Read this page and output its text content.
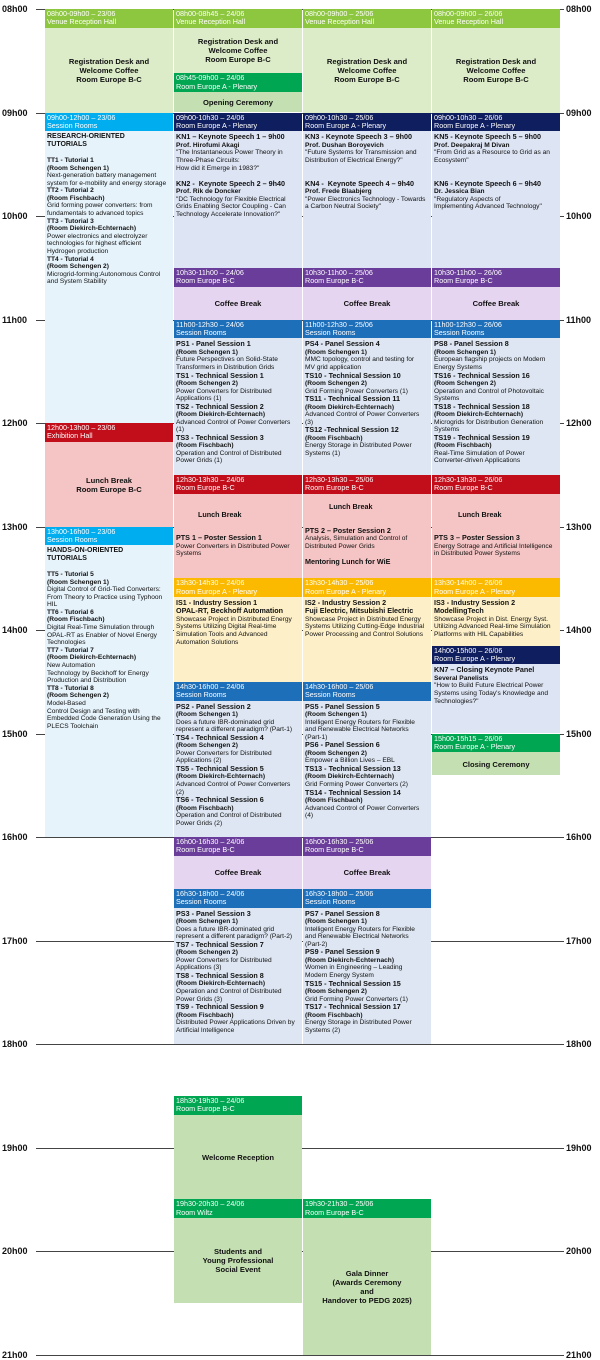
08h00	08h00
09h00	09h00
10h00	10h00
11h00	11h00
12h00	12h00
13h00	13h00
14h00	14h00
15h00	15h00
16h00	16h00
17h00	17h00
18h00	18h00
19h00	19h00
20h00	20h00
21h00	21h00
08h00-09h00 – 23/06
Venue Reception Hall
Registration Desk and
Welcome Coffee
Room Europe B-C
09h00-12h00 – 23/06
Session Rooms
RESEARCH-ORIENTED
TUTORIALS

TT1 - Tutorial 1
(Room Schengen 1)
Next-generation battery management
system for e-mobility and energy storage
TT2 - Tutorial 2
(Room Fischbach)
Grid forming power converters: from
fundamentals to advanced topics
TT3 - Tutorial 3
(Room Diekirch-Echternach)
Power electronics and electrolyzer
technologies for highest efficient
Hydrogen production
TT4 - Tutorial 4
(Room Schengen 2)
Microgrid-forming:Autonomous Control
and System Stability
12h00-13h00 – 23/06
Exhibition Hall
Lunch Break
Room Europe B-C
13h00-16h00 – 23/06
Session Rooms
HANDS-ON-ORIENTED
TUTORIALS

TT5 - Tutorial 5
(Room Schengen 1)
Digital Control of Grid-Tied Converters:
From Theory to Practice using Typhoon
HIL
TT6 - Tutorial 6
(Room Fischbach)
Digital Real-Time Simulation through
OPAL-RT as Enabler of Novel Energy
Technologies
TT7 - Tutorial 7
(Room Diekirch-Echternach)
New Automation
Technology by Beckhoff for Energy
Production and Distribution
TT8 - Tutorial 8
(Room Schengen 2)
Model-Based
Control Design and Testing with
Embedded Code Generation Using the
PLECS Toolchain
08h00-08h45 – 24/06
Venue Reception Hall
Registration Desk and
Welcome Coffee
Room Europe B-C
08h45-09h00 – 24/06
Room Europe A - Plenary
Opening Ceremony
09h00-10h30 – 24/06
Room Europe A - Plenary
KN1 – Keynote Speech 1 – 9h00
Prof. Hirofumi Akagi
"The Instantaneous Power Theory in
Three-Phase Circuits:
How did it Emerge in 1983?"

KN2 -  Keynote Speech 2 – 9h40
Prof. Rik de Doncker
"DC Technology for Flexible Electrical
Grids Enabling Sector Coupling - Can
Technology Accelerate Innovation?"
10h30-11h00 – 24/06
Room Europe B-C
Coffee Break
11h00-12h30 – 24/06
Session Rooms
PS1 - Panel Session 1
(Room Schengen 1)
Future Perspectives on Solid-State
Transformers in Distribution Grids
TS1 - Technical Session 1
(Room Schengen 2)
Power Converters for Distributed
Applications (1)
TS2 - Technical Session 2
(Room Diekirch-Echternach)
Advanced Control of Power Converters
(1)
TS3 - Technical Session 3
(Room Fischbach)
Operation and Control of Distributed
Power Grids (1)
12h30-13h30 – 24/06
Room Europe B-C

Lunch Break

PTS 1 – Poster Session 1
Power Converters in Distributed Power
Systems
13h30-14h30 – 24/06
Room Europe A - Plenary
IS1 - Industry Session 1
OPAL-RT, Beckhoff Automation
Showcase Project in Distributed Energy
Systems Utilizing Digital Real-time
Simulation Tools and Advanced
Automation Solutions
14h30-16h00 – 24/06
Session Rooms
PS2 - Panel Session 2
(Room Schengen 1)
Does a future IBR-dominated grid
represent a different paradigm? (Part-1)
TS4 - Technical Session 4
(Room Schengen 2)
Power Converters for Distributed
Applications (2)
TS5 - Technical Session 5
(Room Diekirch-Echternach)
Advanced Control of Power Converters
(2)
TS6 - Technical Session 6
(Room Fischbach)
Operation and Control of Distributed
Power Grids (2)
16h00-16h30 – 24/06
Room Europe B-C
Coffee Break
16h30-18h00 – 24/06
Session Rooms
PS3 - Panel Session 3
(Room Schengen 1)
Does a future IBR-dominated grid
represent a different paradigm? (Part-2)
TS7 - Technical Session 7
(Room Schengen 2)
Power Converters for Distributed
Applications (3)
TS8 - Technical Session 8
(Room Diekirch-Echternach)
Operation and Control of Distributed
Power Grids (3)
TS9 - Technical Session 9
(Room Fischbach)
Distributed Power Applications Driven by
Artificial Intelligence
18h30-19h30 – 24/06
Room Europe B-C
Welcome Reception
19h30-20h30 – 24/06
Room Wiltz
Students and
Young Professional
Social Event
08h00-09h00 – 25/06
Venue Reception Hall
Registration Desk and
Welcome Coffee
Room Europe B-C
09h00-10h30 – 25/06
Room Europe A - Plenary
KN3 - Keynote Speech 3 – 9h00
Prof. Dushan Boroyevich
"Future Systems for Transmission and
Distribution of Electrical Energy?"

KN4 -  Keynote Speech 4 – 9h40
Prof. Frede Blaabjerg
"Power Electronics Technology - Towards
a Carbon Neutral Society"
10h30-11h00 – 25/06
Room Europe B-C
Coffee Break
11h00-12h30 – 25/06
Session Rooms
PS4 - Panel Session 4
(Room Schengen 1)
MMC topology, control and testing for
MV grid application
TS10 - Technical Session 10
(Room Schengen 2)
Grid Forming Power Converters (1)
TS11 - Technical Session 11
(Room Diekirch-Echternach)
Advanced Control of Power Converters
(3)
TS12 -Technical Session 12
(Room Fischbach)
Energy Storage in Distributed Power
Systems (1)
12h30-13h30 – 25/06
Room Europe B-C

Lunch Break

PTS 2 – Poster Session 2
Analysis, Simulation and Control of
Distributed Power Grids

Mentoring Lunch for WiE
13h30-14h30 – 25/06
Room Europe A - Plenary
IS2 - Industry Session 2
Fuji Electric, Mitsubishi Electric
Showcase Project in Distributed Energy
Systems Utilizing Cutting-Edge Industrial
Power Processing and Control Solutions
14h30-16h00 – 25/06
Session Rooms
PS5 - Panel Session 5
(Room Schengen 1)
Intelligent Energy Routers for Flexible
and Renewable Electrical Networks
(Part-1)
PS6 - Panel Session 6
(Room Schengen 2)
Empower a Billion Lives – EBL
TS13 - Technical Session 13
(Room Diekirch-Echternach)
Grid Forming Power Converters (2)
TS14 - Technical Session 14
(Room Fischbach)
Advanced Control of Power Converters
(4)
16h00-16h30 – 25/06
Room Europe B-C
Coffee Break
16h30-18h00 – 25/06
Session Rooms
PS7 - Panel Session 8
(Room Schengen 1)
Intelligent Energy Routers for Flexible
and Renewable Electrical Networks
(Part-2)
PS9 - Panel Session 9
(Room Diekirch-Echternach)
Women in Engineering – Leading
Modern Energy System
TS15 - Technical Session 15
(Room Schengen 2)
Grid Forming Power Converters (1)
TS17 - Technical Session 17
(Room Fischbach)
Energy Storage in Distributed Power
Systems (2)
19h30-21h30 – 25/06
Room Europe B-C
Gala Dinner
(Awards Ceremony
and
Handover to PEDG 2025)
08h00-09h00 – 26/06
Venue Reception Hall
Registration Desk and
Welcome Coffee
Room Europe B-C
09h00-10h30 – 26/06
Room Europe A - Plenary
KN5 - Keynote Speech 5 – 9h00
Prof. Deepakraj M Divan
"From Grid as a Resource to Grid as an
Ecosystem"

KN6 - Keynote Speech 6 – 9h40
Dr. Jessica Bian
"Regulatory Aspects of
Implementing Advanced Technology"
10h30-11h00 – 26/06
Room Europe B-C
Coffee Break
11h00-12h30 – 26/06
Session Rooms
PS8 - Panel Session 8
(Room Schengen 1)
European flagship projects on Modern
Energy Systems
TS16 - Technical Session 16
(Room Schengen 2)
Operation and Control of Photovoltaic
Systems
TS18 - Technical Session 18
(Room Diekirch-Echternach)
Microgrids for Distribution Generation
Systems
TS19 - Technical Session 19
(Room Fischbach)
Real-Time Simulation of Power
Converter-driven Applications
12h30-13h30 – 26/06
Room Europe B-C

Lunch Break

PTS 3 – Poster Session 3
Energy Sotrage and Artificial Intelligence
in Distributed Power Systems
13h30-14h00 – 26/06
Room Europe A - Plenary
IS3 - Industry Session 2
ModellingTech
Showcase Project in Dist. Energy Syst.
Utilizing Advanced Real-time Simulation
Platforms with HIL Capabilities
14h00-15h00 – 26/06
Room Europe A - Plenary
KN7 – Closing Keynote Panel
Several Panelists
"How to Build Future Electrical Power
Systems using Today's Knowledge and
Technologies?"
15h00-15h15 – 26/06
Room Europe A - Plenary
Closing Ceremony
